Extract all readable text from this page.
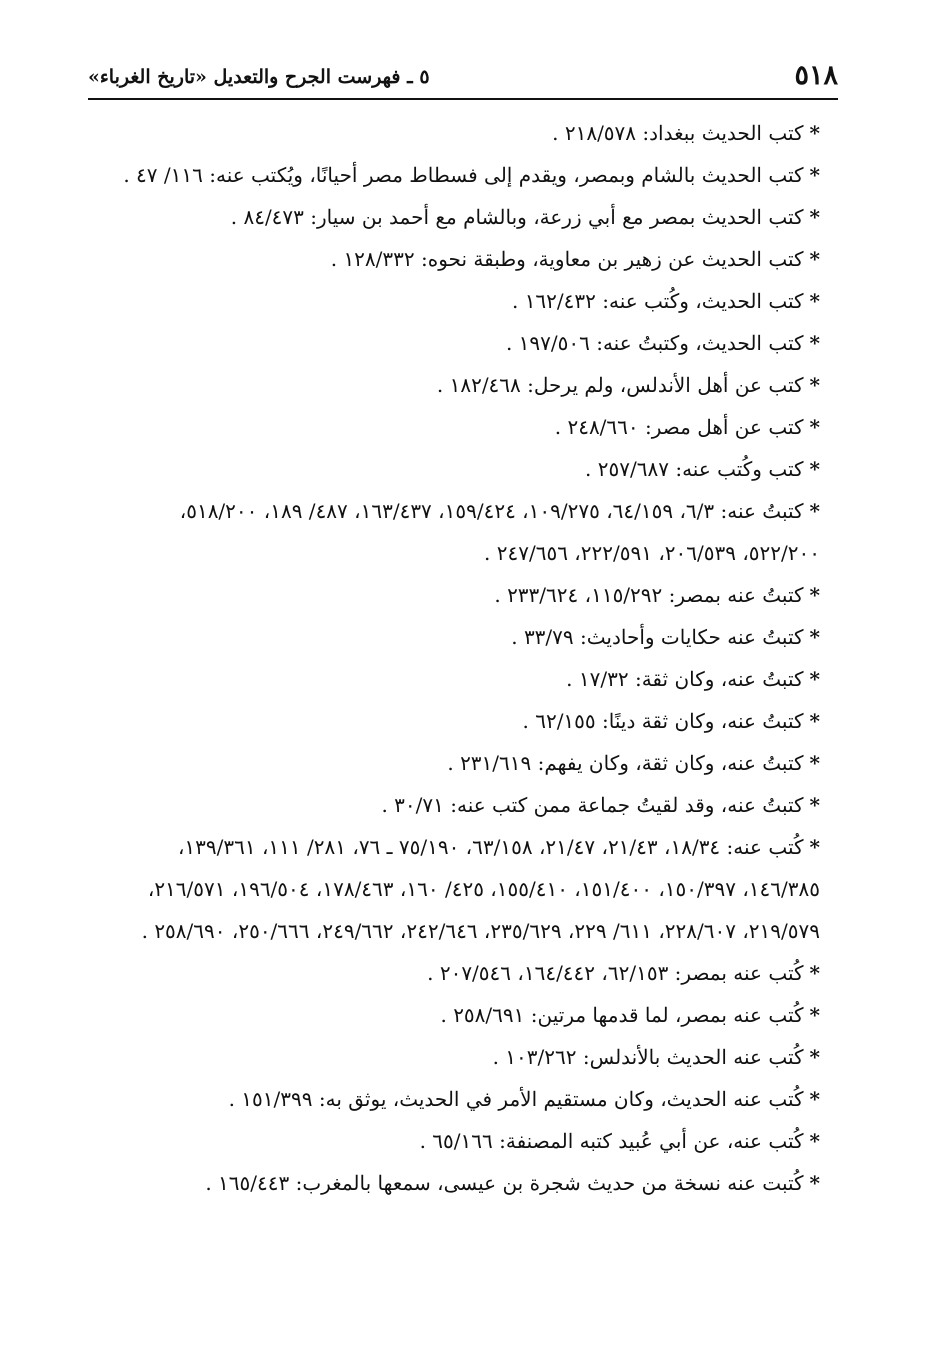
٥١٨
٥ ـ فهرست الجرح والتعديل «تاريخ الغرباء»

*كتب الحديث ببغداد: ٢١٨/٥٧٨ .

*كتب الحديث بالشام وبمصر، ويقدم إلى فسطاط مصر أحيانًا، ويُكتب عنه: ١١٦/ ٤٧ .

*كتب الحديث بمصر مع أبي زرعة، وبالشام مع أحمد بن سيار: ٨٤/٤٧٣ .

*كتب الحديث عن زهير بن معاوية، وطبقة نحوه: ١٢٨/٣٣٢ .

*كتب الحديث، وكُتب عنه: ١٦٢/٤٣٢ .

*كتب الحديث، وكتبتُ عنه: ١٩٧/٥٠٦ .

*كتب عن أهل الأندلس، ولم يرحل: ١٨٢/٤٦٨ .

*كتب عن أهل مصر: ٢٤٨/٦٦٠ .

*كتب وكُتب عنه: ٢٥٧/٦٨٧ .

*كتبتُ عنه: ٦/٣، ٦٤/١٥٩، ١٠٩/٢٧٥، ١٥٩/٤٢٤، ١٦٣/٤٣٧، ٤٨٧/ ١٨٩، ٥١٨/٢٠٠، ٥٢٢/٢٠٠، ٢٠٦/٥٣٩، ٢٢٢/٥٩١، ٢٤٧/٦٥٦ .

*كتبتُ عنه بمصر: ١١٥/٢٩٢، ٢٣٣/٦٢٤ .

*كتبتُ عنه حكايات وأحاديث: ٣٣/٧٩ .

*كتبتُ عنه، وكان ثقة: ١٧/٣٢ .

*كتبتُ عنه، وكان ثقة دينًا: ٦٢/١٥٥ .

*كتبتُ عنه، وكان ثقة، وكان يفهم: ٢٣١/٦١٩ .

*كتبتُ عنه، وقد لقيتُ جماعة ممن كتب عنه: ٣٠/٧١ .

*كُتب عنه: ١٨/٣٤، ٢١/٤٣، ٢١/٤٧، ٦٣/١٥٨، ٧٥/١٩٠ ـ ٧٦، ٢٨١/ ١١١، ١٣٩/٣٦١، ١٤٦/٣٨٥، ١٥٠/٣٩٧، ١٥١/٤٠٠، ١٥٥/٤١٠، ٤٢٥/ ١٦٠، ١٧٨/٤٦٣، ١٩٦/٥٠٤، ٢١٦/٥٧١، ٢١٩/٥٧٩، ٢٢٨/٦٠٧، ٦١١/ ٢٢٩، ٢٣٥/٦٢٩، ٢٤٢/٦٤٦، ٢٤٩/٦٦٢، ٢٥٠/٦٦٦، ٢٥٨/٦٩٠ .

*كُتب عنه بمصر: ٦٢/١٥٣، ١٦٤/٤٤٢، ٢٠٧/٥٤٦ .

*كُتب عنه بمصر، لما قدمها مرتين: ٢٥٨/٦٩١ .

*كُتب عنه الحديث بالأندلس: ١٠٣/٢٦٢ .

*كُتب عنه الحديث، وكان مستقيم الأمر في الحديث، يوثق به: ١٥١/٣٩٩ .

*كُتب عنه، عن أبي عُبيد كتبه المصنفة: ٦٥/١٦٦ .

*كُتبت عنه نسخة من حديث شجرة بن عيسى، سمعها بالمغرب: ١٦٥/٤٤٣ .
